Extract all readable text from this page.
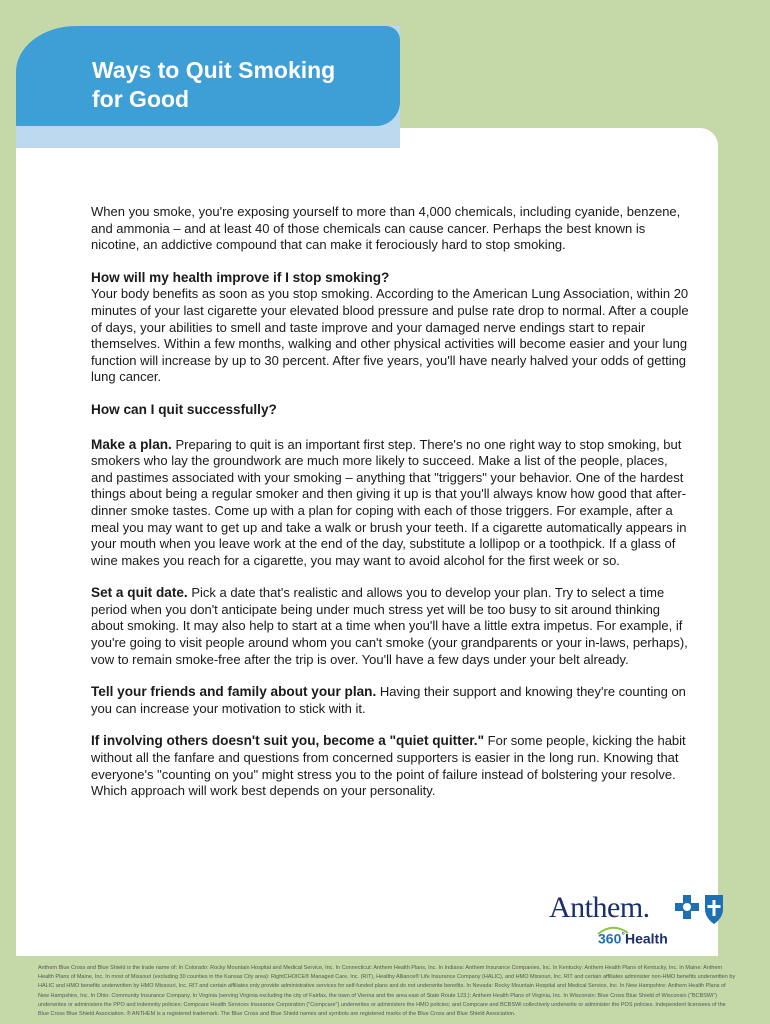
Ways to Quit Smoking
for Good

When you smoke, you're exposing yourself to more than 4,000 chemicals, including cyanide, benzene, and ammonia – and at least 40 of those chemicals can cause cancer. Perhaps the best known is nicotine, an addictive compound that can make it ferociously hard to stop smoking.

How will my health improve if I stop smoking?
Your body benefits as soon as you stop smoking. According to the American Lung Association, within 20 minutes of your last cigarette your elevated blood pressure and pulse rate drop to normal. After a couple of days, your abilities to smell and taste improve and your damaged nerve endings start to repair themselves. Within a few months, walking and other physical activities will become easier and your lung function will increase by up to 30 percent. After five years, you'll have nearly halved your odds of getting lung cancer.

How can I quit successfully?

Make a plan. Preparing to quit is an important first step. There's no one right way to stop smoking, but smokers who lay the groundwork are much more likely to succeed. Make a list of the people, places, and pastimes associated with your smoking – anything that "triggers" your behavior. One of the hardest things about being a regular smoker and then giving it up is that you'll always know how good that after-dinner smoke tastes. Come up with a plan for coping with each of those triggers. For example, after a meal you may want to get up and take a walk or brush your teeth. If a cigarette automatically appears in your mouth when you leave work at the end of the day, substitute a lollipop or a toothpick. If a glass of wine makes you reach for a cigarette, you may want to avoid alcohol for the first week or so.

Set a quit date. Pick a date that's realistic and allows you to develop your plan. Try to select a time period when you don't anticipate being under much stress yet will be too busy to sit around thinking about smoking. It may also help to start at a time when you'll have a little extra impetus. For example, if you're going to visit people around whom you can't smoke (your grandparents or your in-laws, perhaps), vow to remain smoke-free after the trip is over. You'll have a few days under your belt already.

Tell your friends and family about your plan. Having their support and knowing they're counting on you can increase your motivation to stick with it.

If involving others doesn't suit you, become a "quiet quitter." For some people, kicking the habit without all the fanfare and questions from concerned supporters is easier in the long run. Knowing that everyone's "counting on you" might stress you to the point of failure instead of bolstering your resolve. Which approach will work best depends on your personality.

Anthem.

360°Health

Anthem Blue Cross and Blue Shield is the trade name of: In Colorado: Rocky Mountain Hospital and Medical Service, Inc. In Connecticut: Anthem Health Plans, Inc. In Indiana: Anthem Insurance Companies, Inc. In Kentucky: Anthem Health Plans of Kentucky, Inc. In Maine: Anthem Health Plans of Maine, Inc. In most of Missouri (excluding 30 counties in the Kansas City area): RightCHOICE® Managed Care, Inc. (RIT), Healthy Alliance® Life Insurance Company (HALIC), and HMO Missouri, Inc. RIT and certain affiliates administer non-HMO benefits underwritten by HALIC and HMO benefits underwritten by HMO Missouri, Inc. RIT and certain affiliates only provide administrative services for self-funded plans and do not underwrite benefits. In Nevada: Rocky Mountain Hospital and Medical Service, Inc. In New Hampshire: Anthem Health Plans of New Hampshire, Inc. In Ohio: Community Insurance Company. In Virginia (serving Virginia excluding the city of Fairfax, the town of Vienna and the area east of State Route 123.): Anthem Health Plans of Virginia, Inc. In Wisconsin: Blue Cross Blue Shield of Wisconsin ("BCBSWi") underwrites or administers the PPO and indemnity policies; Compcare Health Services Insurance Corporation ("Compcare") underwrites or administers the HMO policies; and Compcare and BCBSWi collectively underwrite or administer the POS policies. Independent licensees of the Blue Cross Blue Shield Association. ® ANTHEM is a registered trademark. The Blue Cross and Blue Shield names and symbols are registered marks of the Blue Cross and Blue Shield Association.
